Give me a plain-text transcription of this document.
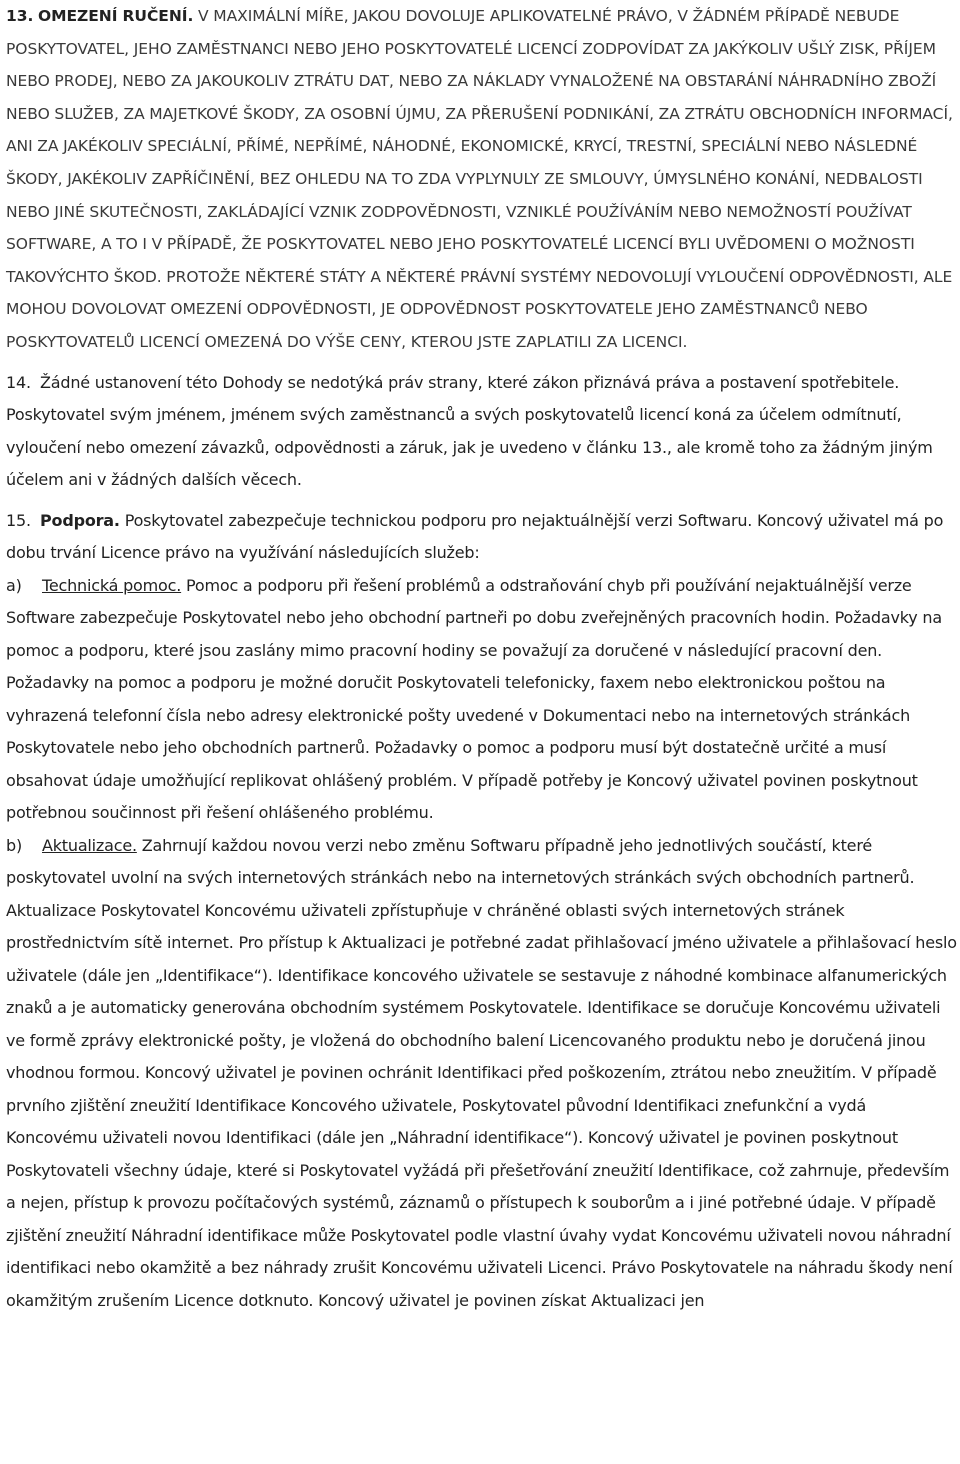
13. OMEZENÍ RUČENÍ. V MAXIMÁLNÍ MÍŘE, JAKOU DOVOLUJE APLIKOVATELNÉ PRÁVO, V ŽÁDNÉM PŘÍPADĚ NEBUDE POSKYTOVATEL, JEHO ZAMĚSTNANCI NEBO JEHO POSKYTOVATELÉ LICENCÍ ZODPOVÍDAT ZA JAKÝKOLIV UŠLÝ ZISK, PŘÍJEM NEBO PRODEJ, NEBO ZA JAKOUKOLIV ZTRÁTU DAT, NEBO ZA NÁKLADY VYNALOŽENÉ NA OBSTARÁNÍ NÁHRADNÍHO ZBOŽÍ NEBO SLUŽEB, ZA MAJETKOVÉ ŠKODY, ZA OSOBNÍ ÚJMU, ZA PŘERUŠENÍ PODNIKÁNÍ, ZA ZTRÁTU OBCHODNÍCH INFORMACÍ, ANI ZA JAKÉKOLIV SPECIÁLNÍ, PŘÍMÉ, NEPŘÍMÉ, NÁHODNÉ, EKONOMICKÉ, KRYCÍ, TRESTNÍ, SPECIÁLNÍ NEBO NÁSLEDNÉ ŠKODY, JAKÉKOLIV ZAPŘÍČINĚNÍ, BEZ OHLEDU NA TO ZDA VYPLYNULY ZE SMLOUVY, ÚMYSLNÉHO KONÁNÍ, NEDBALOSTI NEBO JINÉ SKUTEČNOSTI, ZAKLÁDAJÍCÍ VZNIK ZODPOVĚDNOSTI, VZNIKLÉ POUŽÍVÁNÍM NEBO NEMOŽNOSTÍ POUŽÍVAT SOFTWARE, A TO I V PŘÍPADĚ, ŽE POSKYTOVATEL NEBO JEHO POSKYTOVATELÉ LICENCÍ BYLI UVĚDOMENI O MOŽNOSTI TAKOVÝCHTO ŠKOD. PROTOŽE NĚKTERÉ STÁTY A NĚKTERÉ PRÁVNÍ SYSTÉMY NEDOVOLUJÍ VYLOUČENÍ ODPOVĚDNOSTI, ALE MOHOU DOVOLOVAT OMEZENÍ ODPOVĚDNOSTI, JE ODPOVĚDNOST POSKYTOVATELE JEHO ZAMĚSTNANCŮ NEBO POSKYTOVATELŮ LICENCÍ OMEZENÁ DO VÝŠE CENY, KTEROU JSTE ZAPLATILI ZA LICENCI.

14. Žádné ustanovení této Dohody se nedotýká práv strany, které zákon přiznává práva a postavení spotřebitele. Poskytovatel svým jménem, jménem svých zaměstnanců a svých poskytovatelů licencí koná za účelem odmítnutí, vyloučení nebo omezení závazků, odpovědnosti a záruk, jak je uvedeno v článku 13., ale kromě toho za žádným jiným účelem ani v žádných dalších věcech.

15. Podpora. Poskytovatel zabezpečuje technickou podporu pro nejaktuálnější verzi Softwaru. Koncový uživatel má po dobu trvání Licence právo na využívání následujících služeb:
a) Technická pomoc. Pomoc a podporu při řešení problémů a odstraňování chyb při používání nejaktuálnější verze Software zabezpečuje Poskytovatel nebo jeho obchodní partneři po dobu zveřejněných pracovních hodin. Požadavky na pomoc a podporu, které jsou zaslány mimo pracovní hodiny se považují za doručené v následující pracovní den. Požadavky na pomoc a podporu je možné doručit Poskytovateli telefonicky, faxem nebo elektronickou poštou na vyhrazená telefonní čísla nebo adresy elektronické pošty uvedené v Dokumentaci nebo na internetových stránkách Poskytovatele nebo jeho obchodních partnerů. Požadavky o pomoc a podporu musí být dostatečně určité a musí obsahovat údaje umožňující replikovat ohlášený problém. V případě potřeby je Koncový uživatel povinen poskytnout potřebnou součinnost při řešení ohlášeného problému.
b) Aktualizace. Zahrnují každou novou verzi nebo změnu Softwaru případně jeho jednotlivých součástí, které poskytovatel uvolní na svých internetových stránkách nebo na internetových stránkách svých obchodních partnerů. Aktualizace Poskytovatel Koncovému uživateli zpřístupňuje v chráněné oblasti svých internetových stránek prostřednictvím sítě internet. Pro přístup k Aktualizaci je potřebné zadat přihlašovací jméno uživatele a přihlašovací heslo uživatele (dále jen „Identifikace“). Identifikace koncového uživatele se sestavuje z náhodné kombinace alfanumerických znaků a je automaticky generována obchodním systémem Poskytovatele. Identifikace se doručuje Koncovému uživateli ve formě zprávy elektronické pošty, je vložená do obchodního balení Licencovaného produktu nebo je doručená jinou vhodnou formou. Koncový uživatel je povinen ochránit Identifikaci před poškozením, ztrátou nebo zneužitím. V případě prvního zjištění zneužití Identifikace Koncového uživatele, Poskytovatel původní Identifikaci znefunkční a vydá Koncovému uživateli novou Identifikaci (dále jen „Náhradní identifikace“). Koncový uživatel je povinen poskytnout Poskytovateli všechny údaje, které si Poskytovatel vyžádá při přešetřování zneužití Identifikace, což zahrnuje, především a nejen, přístup k provozu počítačových systémů, záznamů o přístupech k souborům a i jiné potřebné údaje. V případě zjištění zneužití Náhradní identifikace může Poskytovatel podle vlastní úvahy vydat Koncovému uživateli novou náhradní identifikaci nebo okamžitě a bez náhrady zrušit Koncovému uživateli Licenci. Právo Poskytovatele na náhradu škody není okamžitým zrušením Licence dotknuto. Koncový uživatel je povinen získat Aktualizaci jen
